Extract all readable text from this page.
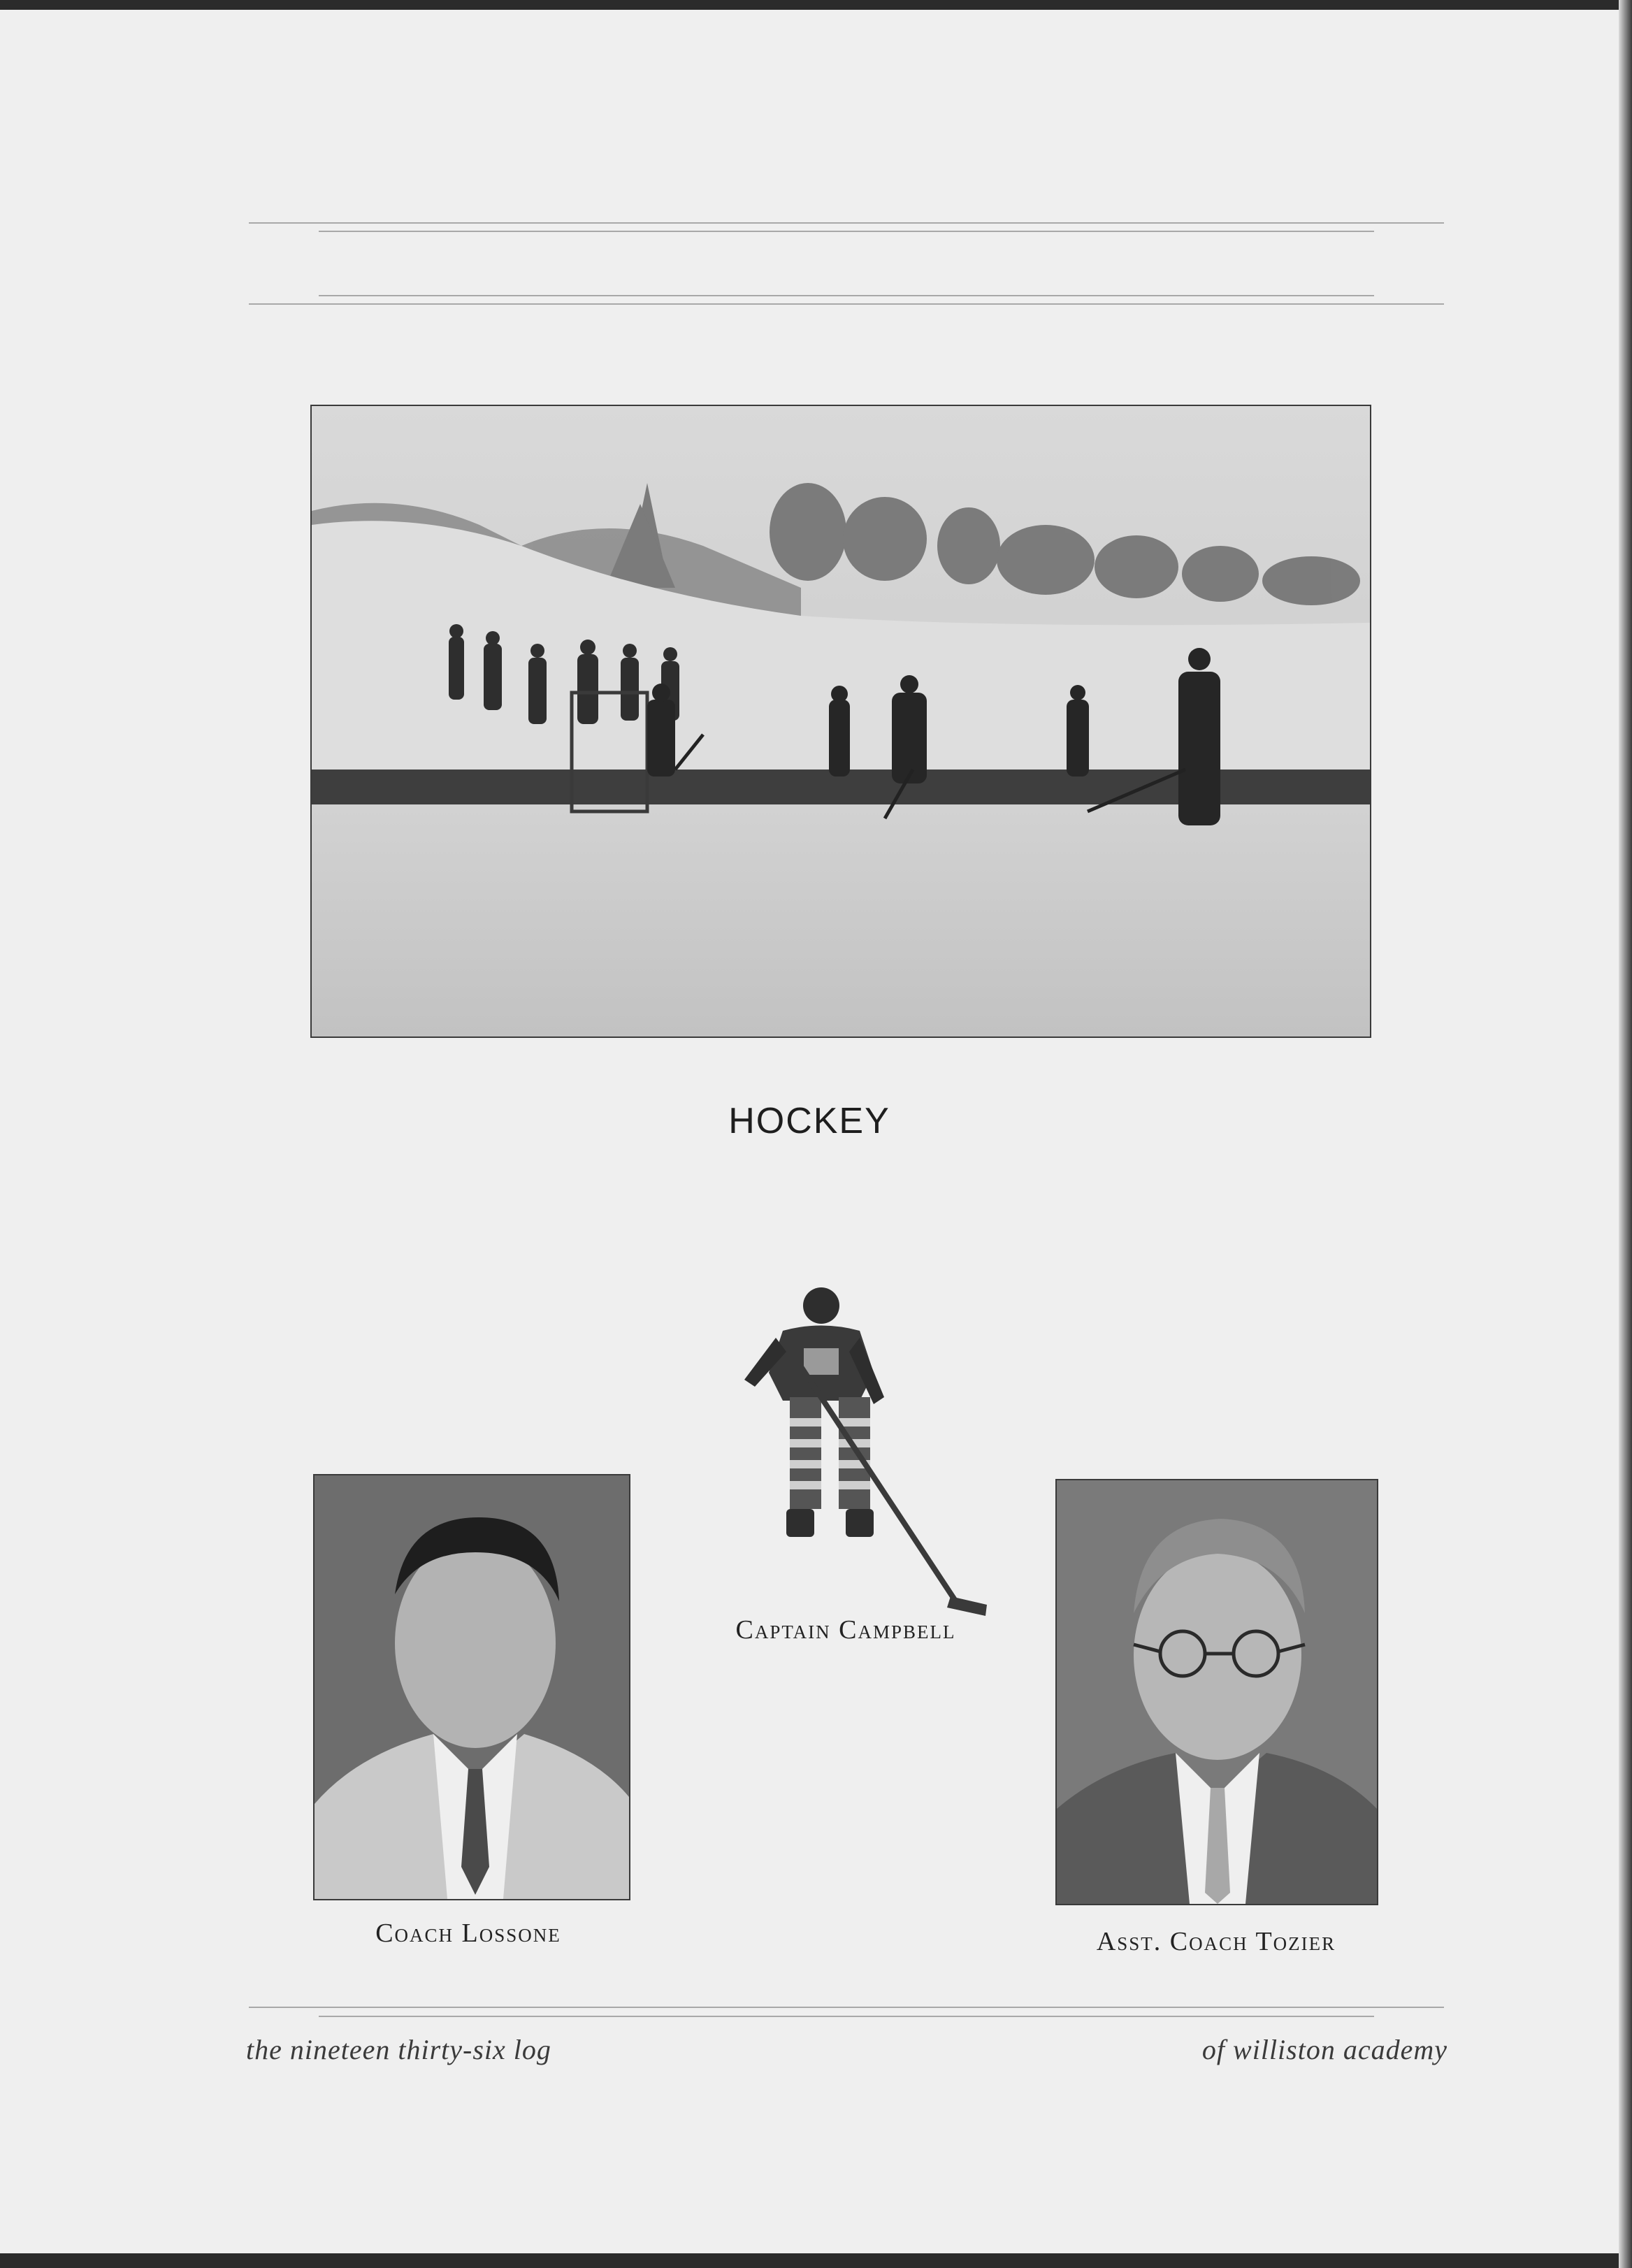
HOCKEY
Captain Campbell
Coach Lossone	Asst. Coach Tozier
the nineteen thirty-six log	of williston academy
